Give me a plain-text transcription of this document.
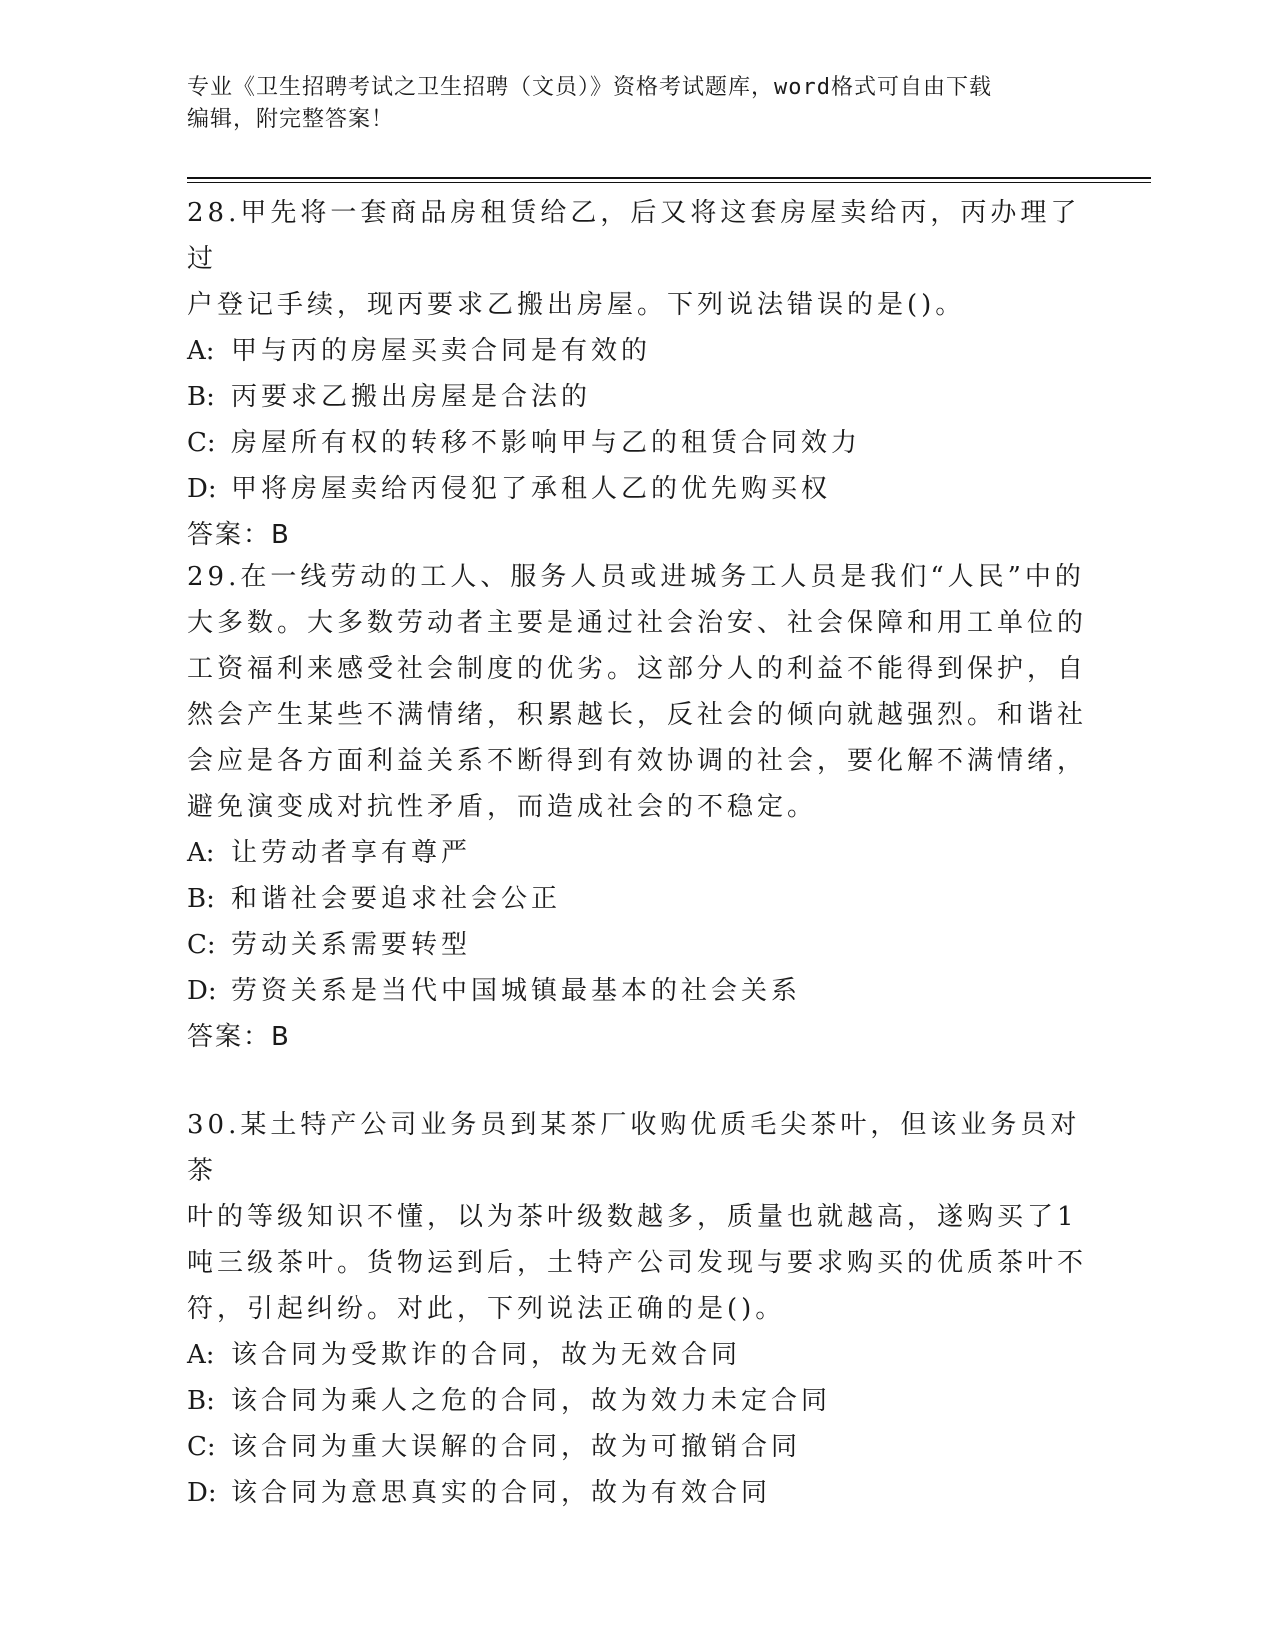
专业《卫生招聘考试之卫生招聘（文员）》资格考试题库，word格式可自由下载
编辑，附完整答案！

28.甲先将一套商品房租赁给乙，后又将这套房屋卖给丙，丙办理了过

户登记手续，现丙要求乙搬出房屋。下列说法错误的是()。

A: 甲与丙的房屋买卖合同是有效的

B: 丙要求乙搬出房屋是合法的

C: 房屋所有权的转移不影响甲与乙的租赁合同效力

D: 甲将房屋卖给丙侵犯了承租人乙的优先购买权

答案：B

29.在一线劳动的工人、服务人员或进城务工人员是我们“人民”中的

大多数。大多数劳动者主要是通过社会治安、社会保障和用工单位的

工资福利来感受社会制度的优劣。这部分人的利益不能得到保护，自

然会产生某些不满情绪，积累越长，反社会的倾向就越强烈。和谐社

会应是各方面利益关系不断得到有效协调的社会，要化解不满情绪，

避免演变成对抗性矛盾，而造成社会的不稳定。

A: 让劳动者享有尊严

B: 和谐社会要追求社会公正

C: 劳动关系需要转型

D: 劳资关系是当代中国城镇最基本的社会关系

答案：B

30.某土特产公司业务员到某茶厂收购优质毛尖茶叶，但该业务员对茶

叶的等级知识不懂，以为茶叶级数越多，质量也就越高，遂购买了1

吨三级茶叶。货物运到后，土特产公司发现与要求购买的优质茶叶不

符，引起纠纷。对此，下列说法正确的是()。

A: 该合同为受欺诈的合同，故为无效合同

B: 该合同为乘人之危的合同，故为效力未定合同

C: 该合同为重大误解的合同，故为可撤销合同

D: 该合同为意思真实的合同，故为有效合同
